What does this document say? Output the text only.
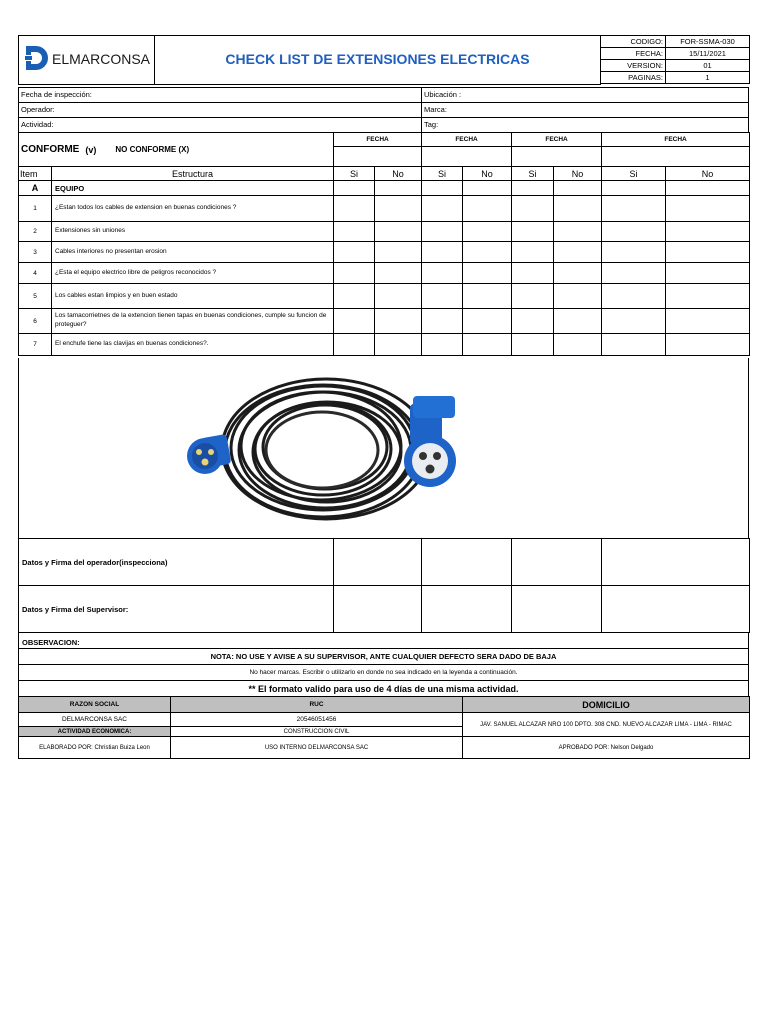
ELMARCONSA	CHECK LIST DE EXTENSIONES ELECTRICAS
CODIGO:	FOR-SSMA-030

FECHA:	15/11/2021

VERSION:	01

PAGINAS:	1
Fecha de inspección:
Operador:
Actividad:
Ubicación :
Marca:
Tag:
CONFORME (v) NO CONFORME (X)		FECHA		FECHA		FECHA		FECHA	

Item	Estructura	Si	No	Si	No	Si	No	Si	No

A	EQUIPO								

1	¿Estan todos los cables de extension en buenas condiciones ?								

2	Extensiones sin uniones								

3	Cables interiores no presentan erosion								

4	¿Esta el equipo electrico libre de peligros reconocidos ?								

5	Los cables estan limpios y en buen estado								

6	Los tamacorrietnes de la extencion tienen tapas en buenas condiciones, cumple su funcion de proteguer?								

7	El enchufe tiene las clavijas en buenas condiciones?.								

Datos y Firma del operador(inspecciona)				

Datos y Firma del Supervisor:				

OBSERVACION:

NOTA: NO USE Y AVISE A SU SUPERVISOR, ANTE CUALQUIER DEFECTO SERA DADO DE BAJA

No hacer marcas. Escribir o utilizarlo en donde no sea indicado en la leyenda a continuación.

** El formato valido para uso de 4 días de una misma actividad.
RAZON SOCIAL	RUC	DOMICILIO

DELMARCONSA SAC	20546051456	JAV. SANUEL ALCAZAR NRO 100 DPTO. 308 CND. NUEVO ALCAZAR LIMA - LIMA - RIMAC

ACTIVIDAD ECONOMICA:	CONSTRUCCION CIVIL	

ELABORADO POR: Christian Buiza Leon	USO INTERNO DELMARCONSA SAC	APROBADO POR: Nelson Delgado
